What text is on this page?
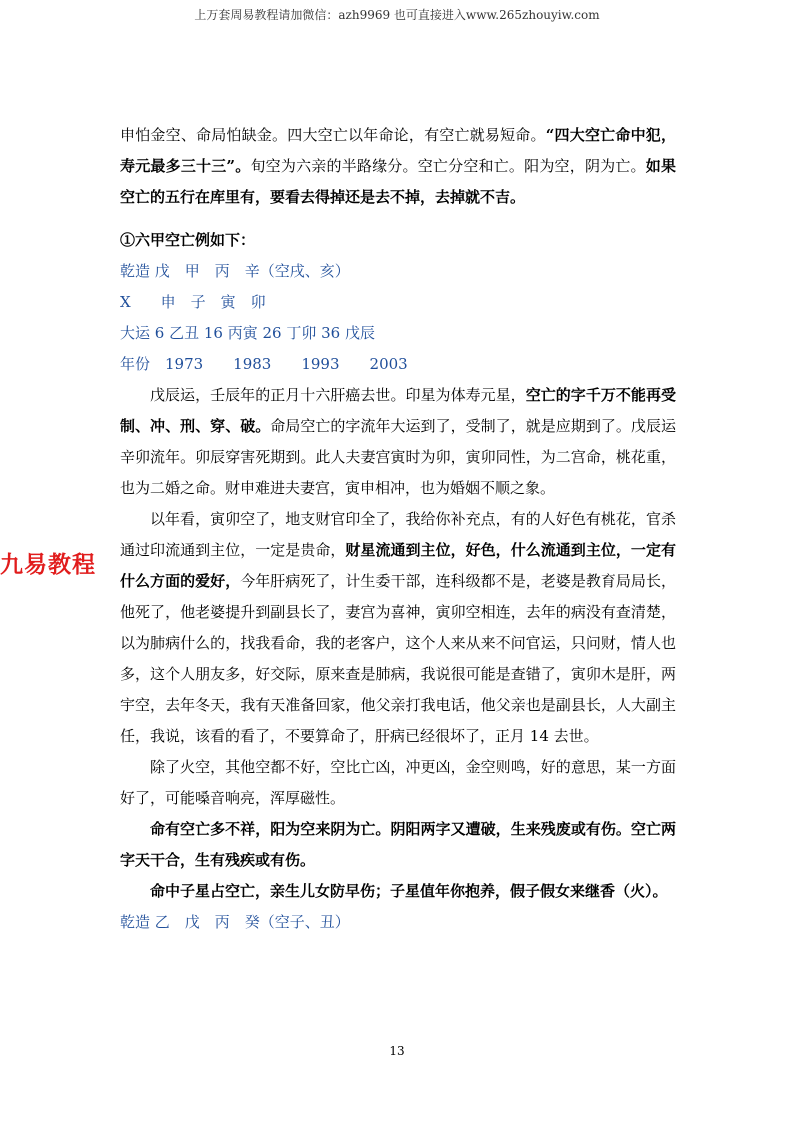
上万套周易教程请加微信：azh9969 也可直接进入www.265zhouyiw.com
九易教程

申怕金空、命局怕缺金。四大空亡以年命论，有空亡就易短命。“四大空亡命中犯，寿元最多三十三”。旬空为六亲的半路缘分。空亡分空和亡。阳为空，阴为亡。如果空亡的五行在库里有，要看去得掉还是去不掉，去掉就不吉。

①六甲空亡例如下：

乾造 戊　甲　丙　辛（空戌、亥）

X　　申　子　寅　卯

大运 6 乙丑 16 丙寅 26 丁卯 36 戊辰

年份　1973　　1983　　1993　　2003

戊辰运，壬辰年的正月十六肝癌去世。印星为体寿元星，空亡的字千万不能再受制、冲、刑、穿、破。命局空亡的字流年大运到了，受制了，就是应期到了。戊辰运辛卯流年。卯辰穿害死期到。此人夫妻宫寅时为卯，寅卯同性，为二宫命，桃花重，也为二婚之命。财申难进夫妻宫，寅申相冲，也为婚姻不顺之象。

以年看，寅卯空了，地支财官印全了，我给你补充点，有的人好色有桃花，官杀通过印流通到主位，一定是贵命，财星流通到主位，好色，什么流通到主位，一定有什么方面的爱好，今年肝病死了，计生委干部，连科级都不是，老婆是教育局局长，他死了，他老婆提升到副县长了，妻宫为喜神，寅卯空相连，去年的病没有查清楚，以为肺病什么的，找我看命，我的老客户，这个人来从来不问官运，只问财，情人也多，这个人朋友多，好交际，原来查是肺病，我说很可能是查错了，寅卯木是肝，两宇空，去年冬天，我有天准备回家，他父亲打我电话，他父亲也是副县长，人大副主任，我说，该看的看了，不要算命了，肝病已经很坏了，正月 14 去世。

除了火空，其他空都不好，空比亡凶，冲更凶，金空则鸣，好的意思，某一方面好了，可能嗓音响亮，浑厚磁性。

命有空亡多不祥，阳为空来阴为亡。阴阳两字又遭破，生来残废或有伤。空亡两字天干合，生有残疾或有伤。

命中子星占空亡，亲生儿女防早伤；子星值年你抱养，假子假女来继香（火）。

乾造 乙　戊　丙　癸（空子、丑）

13
